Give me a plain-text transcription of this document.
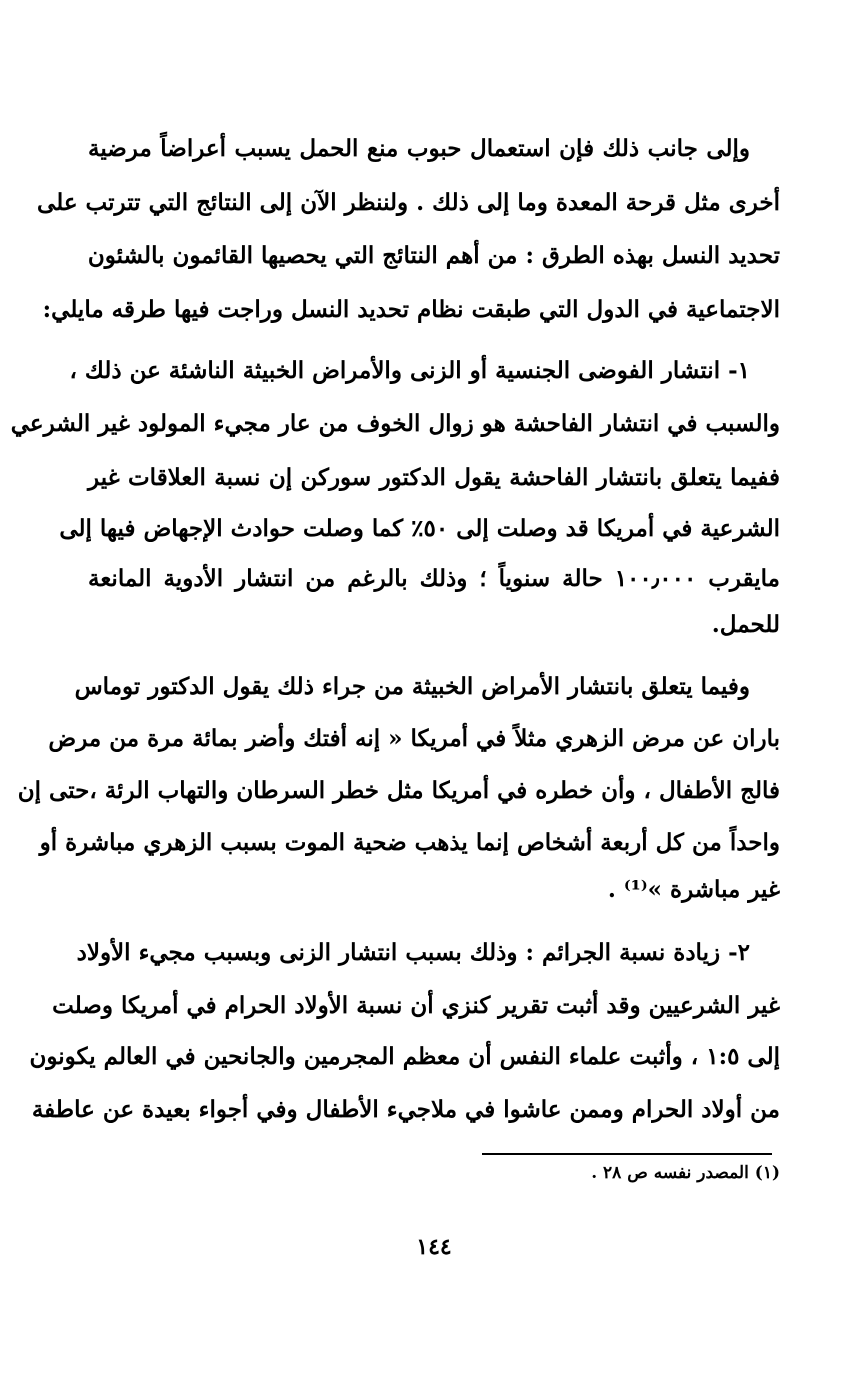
وإلى جانب ذلك فإن استعمال حبوب منع الحمل يسبب أعراضاً مرضية
أخرى مثل قرحة المعدة وما إلى ذلك . ولننظر الآن إلى النتائج التي تترتب على
تحديد النسل بهذه الطرق : من أهم النتائج التي يحصيها القائمون بالشئون
الاجتماعية في الدول التي طبقت نظام تحديد النسل وراجت فيها طرقه مايلي:
١- انتشار الفوضى الجنسية أو الزنى والأمراض الخبيثة الناشئة عن ذلك ،
والسبب في انتشار الفاحشة هو زوال الخوف من عار مجيء المولود غير الشرعي
ففيما يتعلق بانتشار الفاحشة يقول الدكتور سوركن إن نسبة العلاقات غير
الشرعية في أمريكا قد وصلت إلى ٥٠٪ كما وصلت حوادث الإجهاض فيها إلى
مايقرب ١٠٠٫٠٠٠ حالة سنوياً ؛ وذلك بالرغم من انتشار الأدوية المانعة
للحمل.
وفيما يتعلق بانتشار الأمراض الخبيثة من جراء ذلك يقول الدكتور توماس
باران عن مرض الزهري مثلاً في أمريكا « إنه أفتك وأضر بمائة مرة من مرض
فالج الأطفال ، وأن خطره في أمريكا مثل خطر السرطان والتهاب الرئة ،حتى إن
واحداً من كل أربعة أشخاص إنما يذهب ضحية الموت بسبب الزهري مباشرة أو
غير مباشرة »⁽¹⁾ .
٢- زيادة نسبة الجرائم : وذلك بسبب انتشار الزنى وبسبب مجيء الأولاد
غير الشرعيين وقد أثبت تقرير كنزي أن نسبة الأولاد الحرام في أمريكا وصلت
إلى ١:٥ ، وأثبت علماء النفس أن معظم المجرمين والجانحين في العالم يكونون
من أولاد الحرام وممن عاشوا في ملاجيء الأطفال وفي أجواء بعيدة عن عاطفة
(١) المصدر نفسه ص ٢٨ .
١٤٤
